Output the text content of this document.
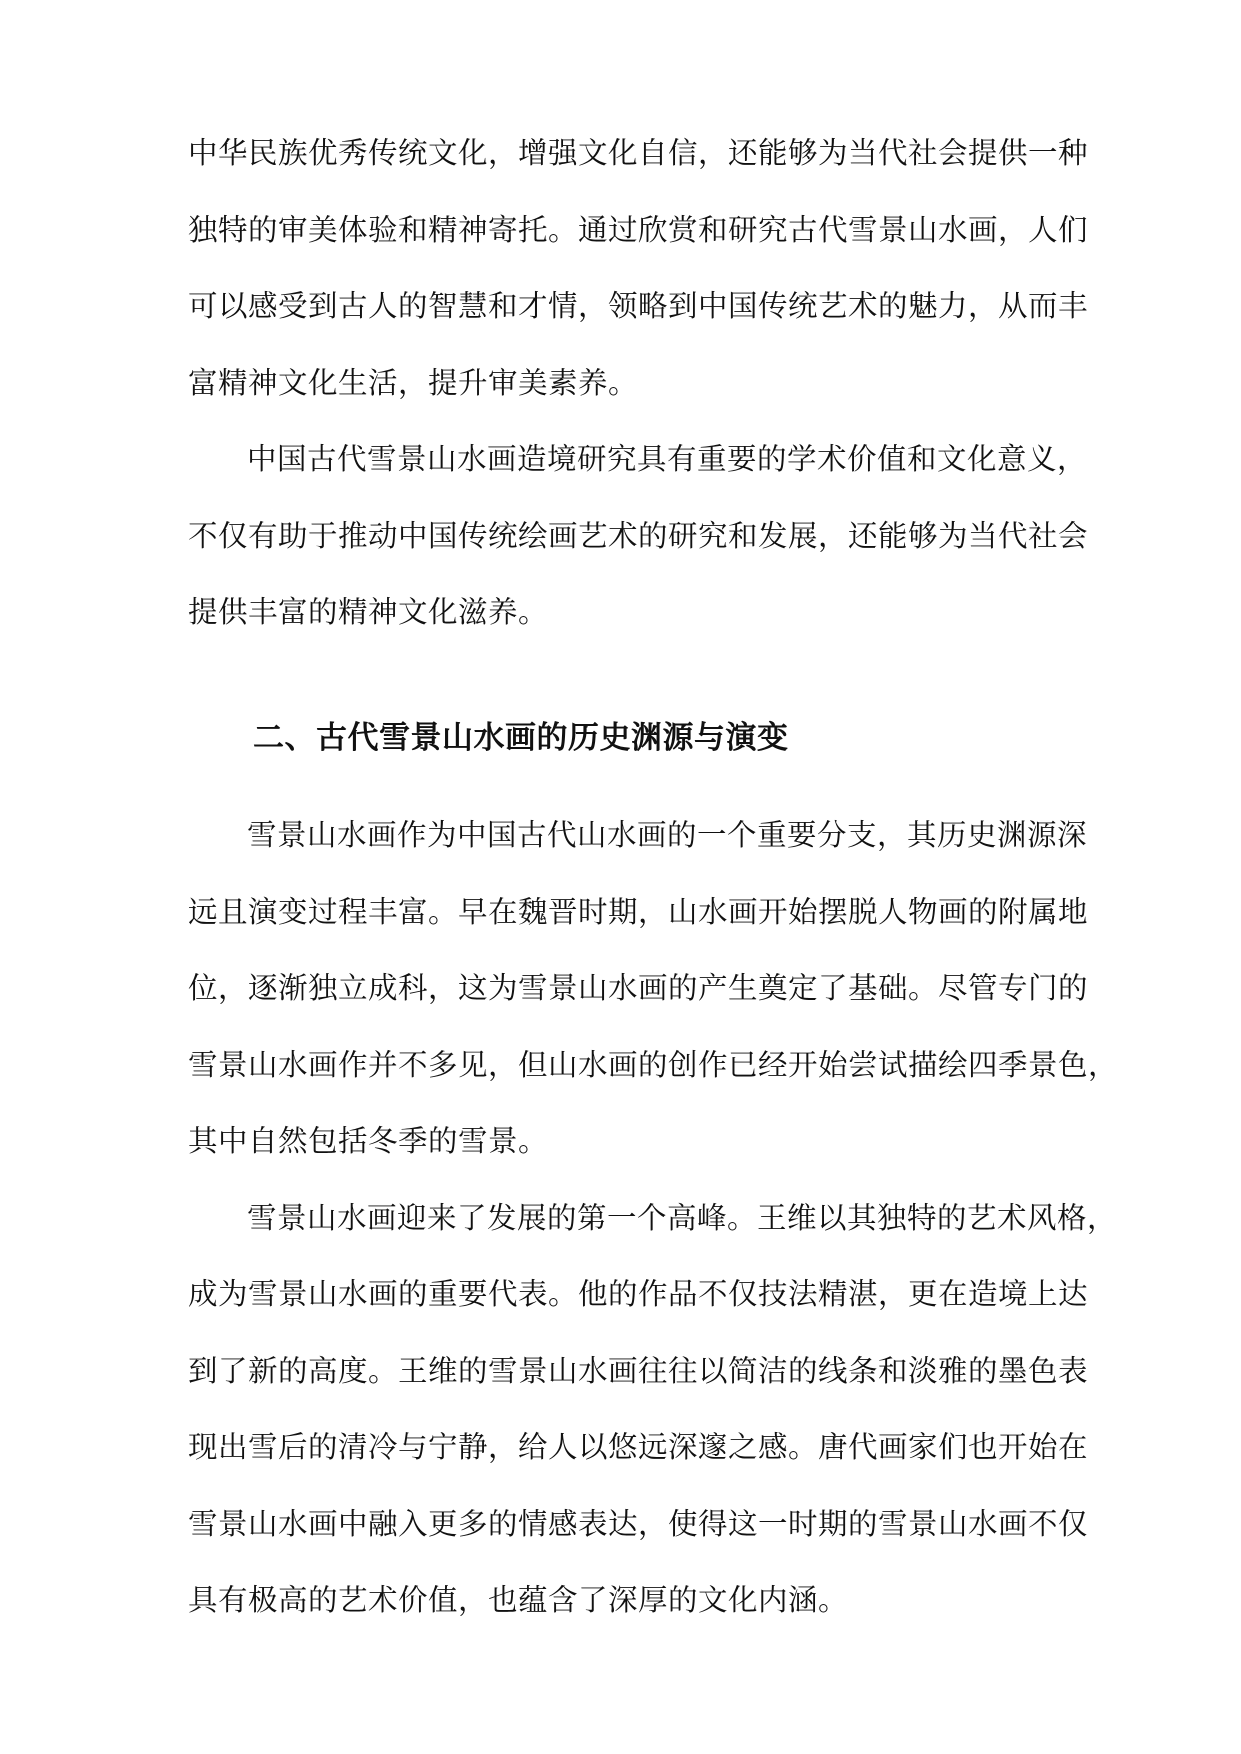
中华民族优秀传统文化，增强文化自信，还能够为当代社会提供一种
独特的审美体验和精神寄托。通过欣赏和研究古代雪景山水画，人们
可以感受到古人的智慧和才情，领略到中国传统艺术的魅力，从而丰
富精神文化生活，提升审美素养。
中国古代雪景山水画造境研究具有重要的学术价值和文化意义，
不仅有助于推动中国传统绘画艺术的研究和发展，还能够为当代社会
提供丰富的精神文化滋养。
二、古代雪景山水画的历史渊源与演变
雪景山水画作为中国古代山水画的一个重要分支，其历史渊源深
远且演变过程丰富。早在魏晋时期，山水画开始摆脱人物画的附属地
位，逐渐独立成科，这为雪景山水画的产生奠定了基础。尽管专门的
雪景山水画作并不多见，但山水画的创作已经开始尝试描绘四季景色，
其中自然包括冬季的雪景。
雪景山水画迎来了发展的第一个高峰。王维以其独特的艺术风格，
成为雪景山水画的重要代表。他的作品不仅技法精湛，更在造境上达
到了新的高度。王维的雪景山水画往往以简洁的线条和淡雅的墨色表
现出雪后的清冷与宁静，给人以悠远深邃之感。唐代画家们也开始在
雪景山水画中融入更多的情感表达，使得这一时期的雪景山水画不仅
具有极高的艺术价值，也蕴含了深厚的文化内涵。
